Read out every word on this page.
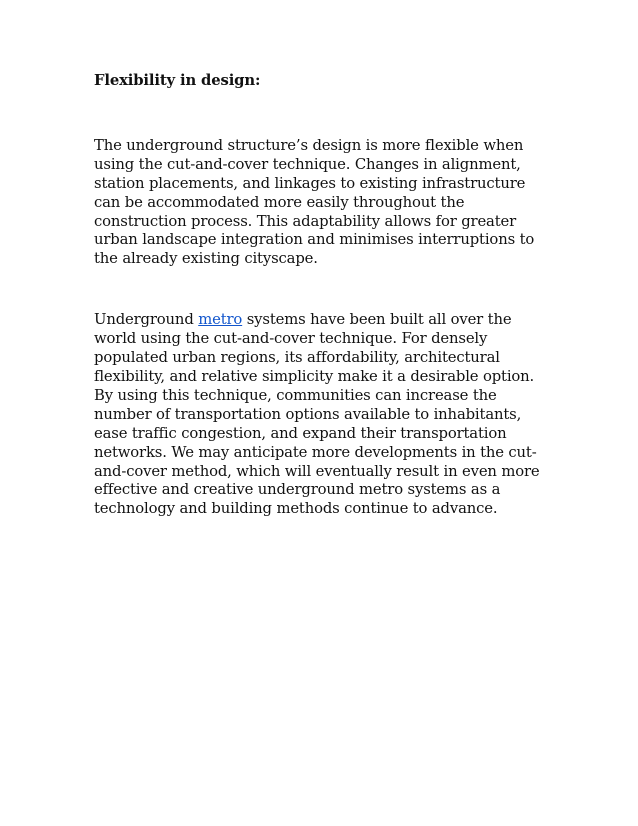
Flexibility in design:

The underground structure’s design is more flexible when using the cut-and-cover technique. Changes in alignment, station placements, and linkages to existing infrastructure can be accommodated more easily throughout the construction process. This adaptability allows for greater urban landscape integration and minimises interruptions to the already existing cityscape.

Underground metro systems have been built all over the world using the cut-and-cover technique. For densely populated urban regions, its affordability, architectural flexibility, and relative simplicity make it a desirable option. By using this technique, communities can increase the number of transportation options available to inhabitants, ease traffic congestion, and expand their transportation networks. We may anticipate more developments in the cut-and-cover method, which will eventually result in even more effective and creative underground metro systems as a technology and building methods continue to advance.
